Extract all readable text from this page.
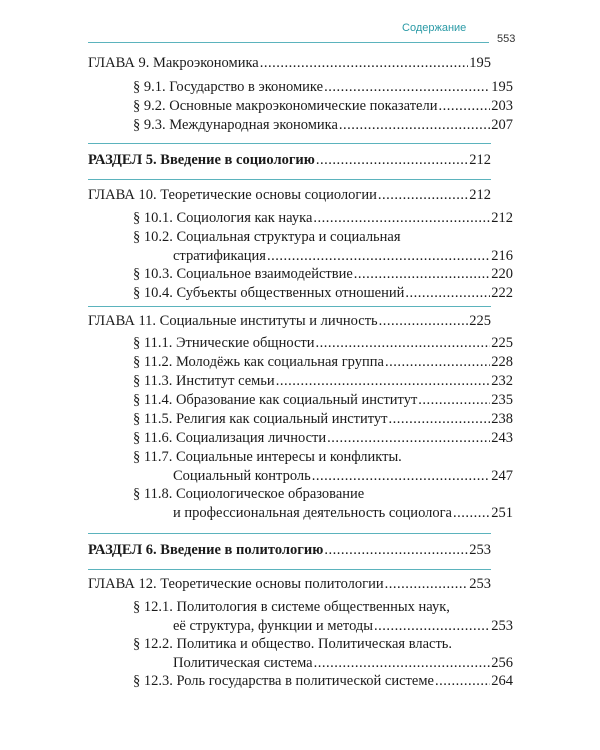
Содержание
553
ГЛАВА 9. Макроэкономика .....	195
§ 9.1. Государство в экономике .....	195
§ 9.2. Основные макроэкономические показатели .....	203
§ 9.3. Международная экономика .....	207
РАЗДЕЛ 5. Введение в социологию .....	212
ГЛАВА 10. Теоретические основы социологии .....	212
§ 10.1. Социология как наука .....	212
§ 10.2. Социальная структура и социальная
стратификация .....	216
§ 10.3. Социальное взаимодействие .....	220
§ 10.4. Субъекты общественных отношений .....	222
ГЛАВА 11. Социальные институты и личность .....	225
§ 11.1. Этнические общности .....	225
§ 11.2. Молодёжь как социальная группа .....	228
§ 11.3. Институт семьи .....	232
§ 11.4. Образование как социальный институт .....	235
§ 11.5. Религия как социальный институт .....	238
§ 11.6. Социализация личности .....	243
§ 11.7. Социальные интересы и конфликты.
Социальный контроль .....	247
§ 11.8. Социологическое образование
и профессиональная деятельность социолога .....	251
РАЗДЕЛ 6. Введение в политологию .....	253
ГЛАВА 12. Теоретические основы политологии .....	253
§ 12.1. Политология в системе общественных наук,
её структура, функции и методы .....	253
§ 12.2. Политика и общество. Политическая власть.
Политическая система .....	256
§ 12.3. Роль государства в политической системе .....	264
